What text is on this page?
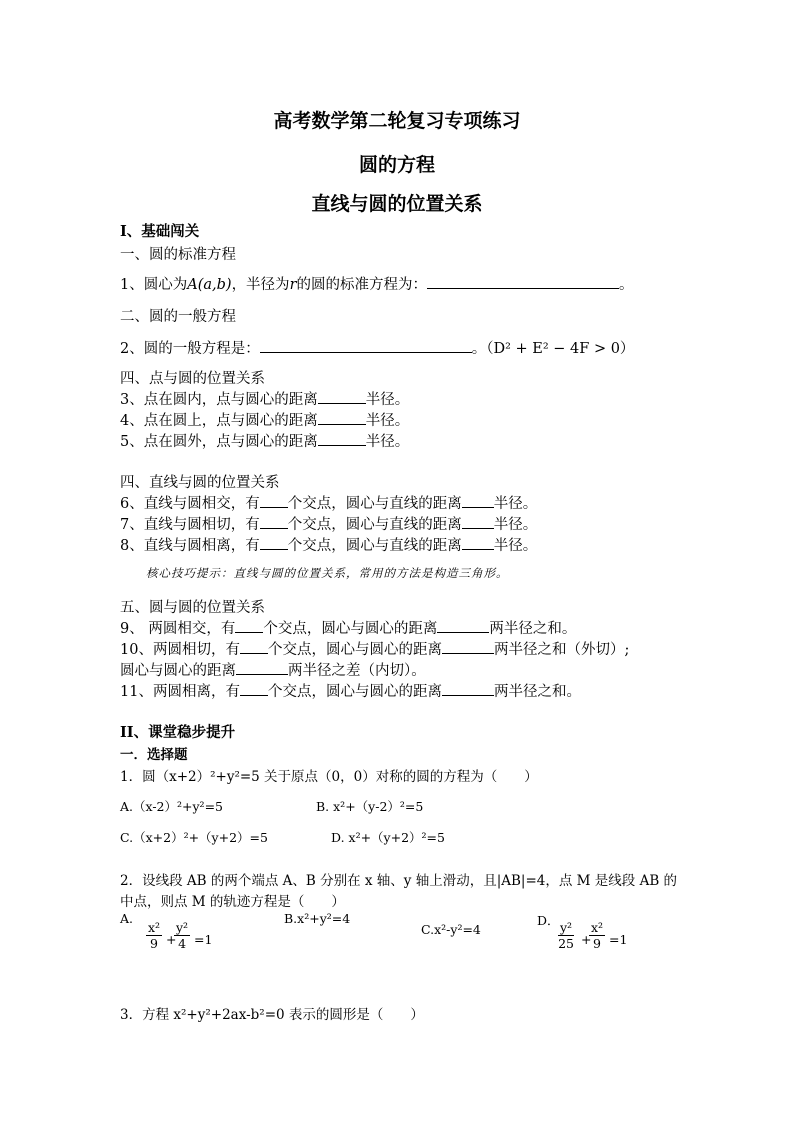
高考数学第二轮复习专项练习
圆的方程
直线与圆的位置关系
I、基础闯关
一、圆的标准方程
1、圆心为A(a,b)，半径为r的圆的标准方程为：	。
二、圆的一般方程
2、圆的一般方程是：	。（D² + E² − 4F > 0）
四、点与圆的位置关系
3、点在圆内，点与圆心的距离	半径。
4、点在圆上，点与圆心的距离	半径。
5、点在圆外，点与圆心的距离	半径。
四、直线与圆的位置关系
6、直线与圆相交，有 个交点，圆心与直线的距离 半径。
7、直线与圆相切，有 个交点，圆心与直线的距离 半径。
8、直线与圆相离，有 个交点，圆心与直线的距离 半径。
核心技巧提示：直线与圆的位置关系，常用的方法是构造三角形。
五、圆与圆的位置关系
9、 两圆相交，有 个交点，圆心与圆心的距离	两半径之和。
10、两圆相切，有 个交点，圆心与圆心的距离	两半径之和（外切）;
圆心与圆心的距离	两半径之差（内切）。
11、两圆相离，有 个交点，圆心与圆心的距离	两半径之和。
II、课堂稳步提升
一．选择题
1．圆（x+2）²+y²=5 关于原点（0，0）对称的圆的方程为（　　）
A.（x-2）²+y²=5	B. x²+（y-2）²=5
C.（x+2）²+（y+2）=5	D. x²+（y+2）²=5
2．设线段 AB 的两个端点 A、B 分别在 x 轴、y 轴上滑动，且|AB|=4，点 M 是线段 AB 的
中点，则点 M 的轨迹方程是（　　）
A.
$\frac{\text{x²}}{9}$ +
$\frac{\text{y²}}{4} =1$
B.x²+y²=4
C.x²-y²=4
D．
$\frac{\text{y²}}{25}$ +
$\frac{\text{x²}}{9} =1$
3．方程 x²+y²+2ax-b²=0 表示的圆形是（　　）
